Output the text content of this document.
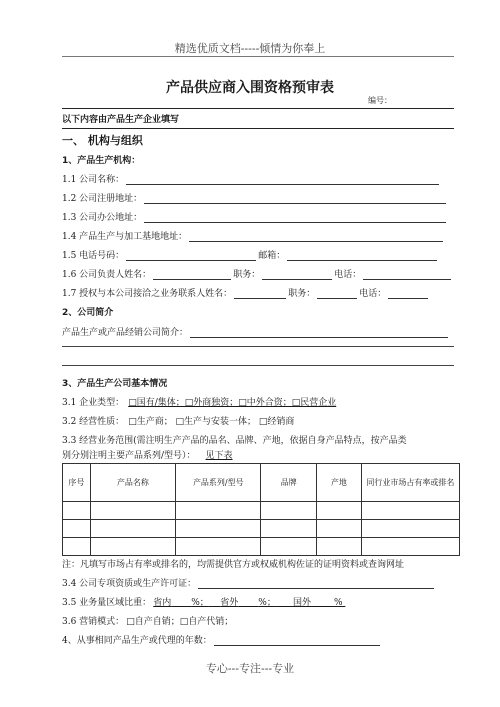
精选优质文档-----倾情为你奉上
产品供应商入围资格预审表
编号：
以下内容由产品生产企业填写
一、 机构与组织
1、产品生产机构：
1.1 公司名称：
1.2 公司注册地址：
1.3 公司办公地址：
1.4 产品生产与加工基地地址：
1.5 电话号码：	邮箱：
1.6 公司负责人姓名：	职务：	电话：
1.7 授权与本公司接洽之业务联系人姓名：	职务：	电话：
2、公司简介
产品生产或产品经销公司简介：
3、产品生产公司基本情况
3.1 企业类型： □国有/集体；□外商独资；□中外合资；□民营企业
3.2 经营性质： □生产商； □生产与安装一体； □经销商
3.3 经营业务范围(需注明生产产品的品名、品牌、产地，依据自身产品特点，按产品类
别分别注明主要产品系列/型号）： 见下表
序号	产品名称	产品系列/型号	品牌	产地	同行业市场占有率或排名

注：凡填写市场占有率或排名的，均需提供官方或权威机构佐证的证明资料或查询网址
3.4 公司专项资质或生产许可证：
3.5 业务量区域比重： 省内 %； 省外 %； 国外	%
3.6 营销模式： □自产自销；□自产代销；
4、从事相同产品生产或代理的年数：
专心---专注---专业
